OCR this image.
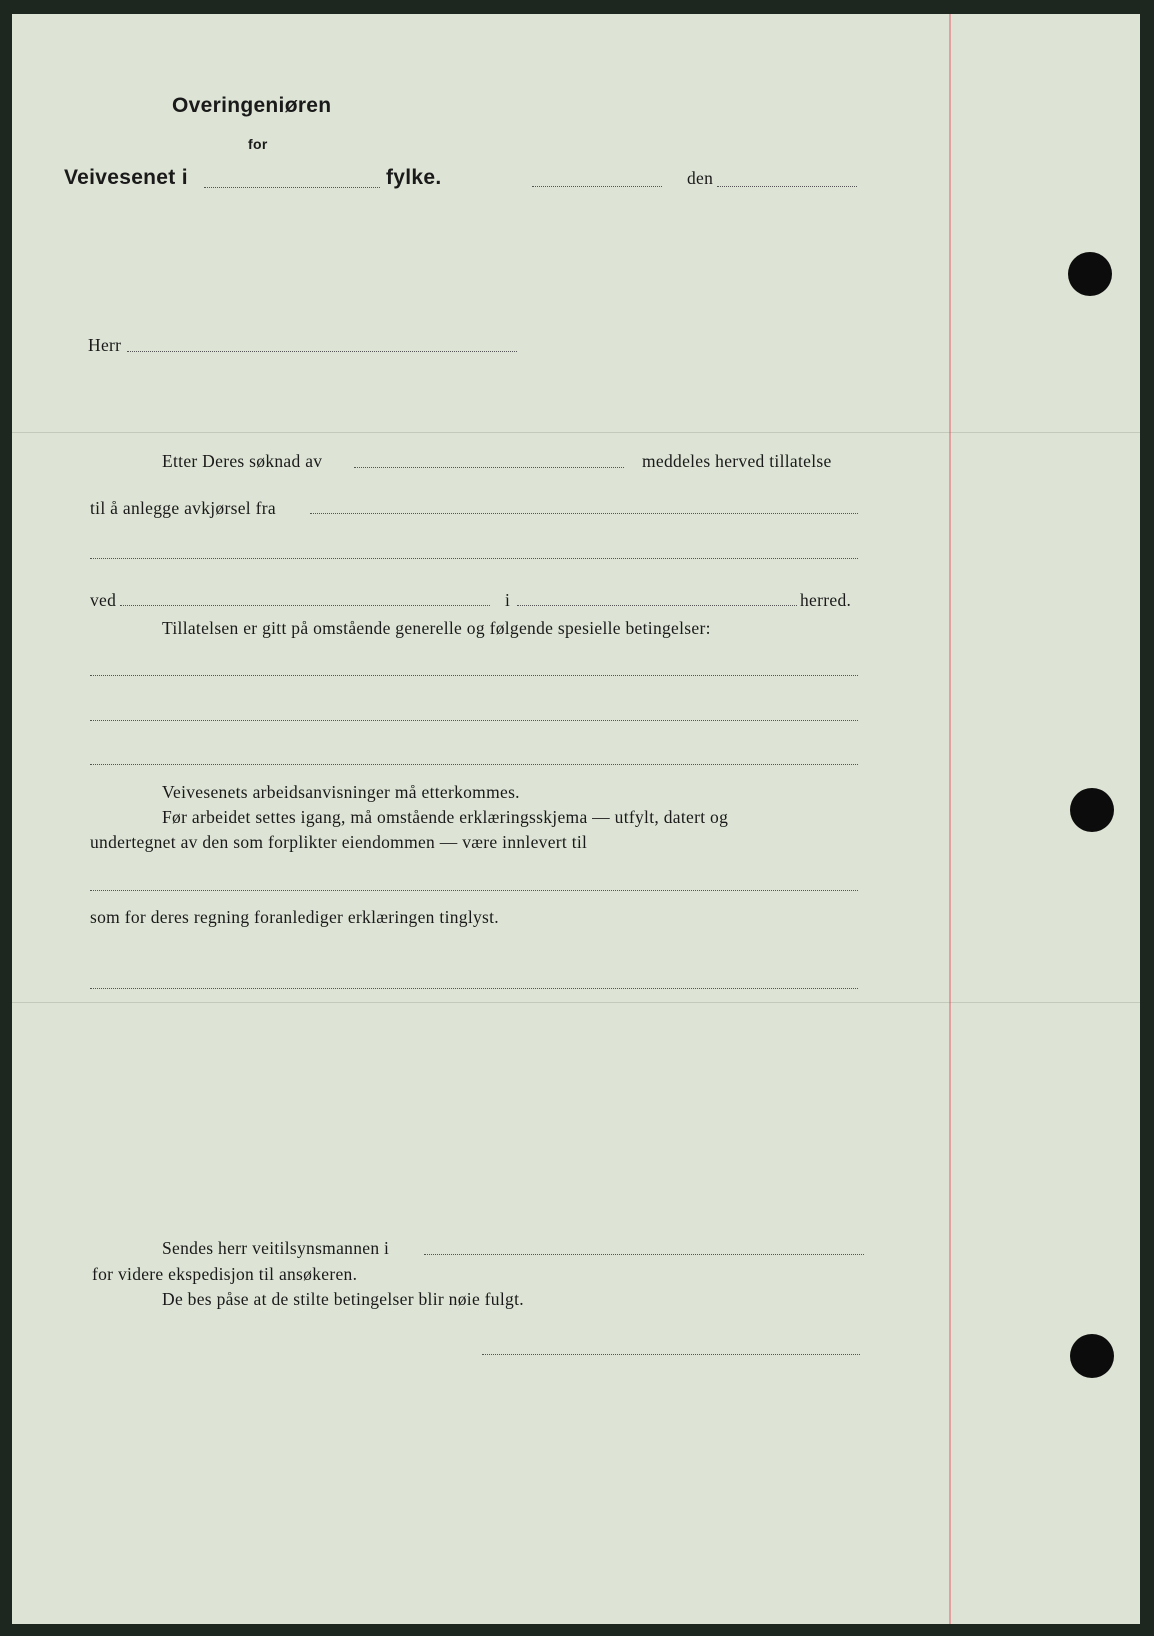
Overingeniøren
for
Veivesenet i	fylke.	den
Herr
Etter Deres søknad av	meddeles herved tillatelse
til å anlegge avkjørsel fra
ved	i	herred.
Tillatelsen er gitt på omstående generelle og følgende spesielle betingelser:
Veivesenets arbeidsanvisninger må etterkommes.
Før arbeidet settes igang, må omstående erklæringsskjema — utfylt, datert og
undertegnet av den som forplikter eiendommen — være innlevert til
som for deres regning foranlediger erklæringen tinglyst.
Sendes herr veitilsynsmannen i
for videre ekspedisjon til ansøkeren.
De bes påse at de stilte betingelser blir nøie fulgt.
